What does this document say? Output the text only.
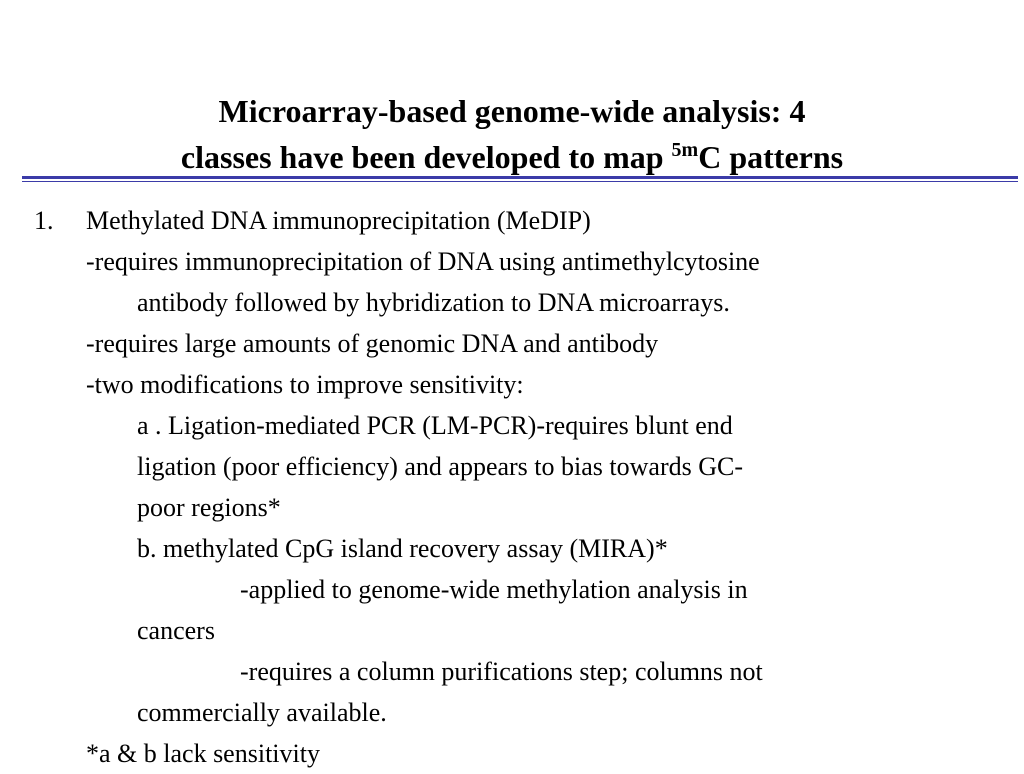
Microarray-based genome-wide analysis: 4
classes have been developed to map $^{5m}$C patterns
1. Methylated DNA immunoprecipitation (MeDIP)
-requires immunoprecipitation of DNA using antimethylcytosine
antibody followed by hybridization to DNA microarrays.
-requires large amounts of genomic DNA and antibody
-two modifications to improve sensitivity:
a . Ligation-mediated PCR (LM-PCR)-requires blunt end
ligation (poor efficiency) and appears to bias towards GC-
poor regions*
b. methylated CpG island recovery assay (MIRA)*
-applied to genome-wide methylation analysis in
cancers
-requires a column purifications step; columns not
commercially available.
*a & b lack sensitivity
